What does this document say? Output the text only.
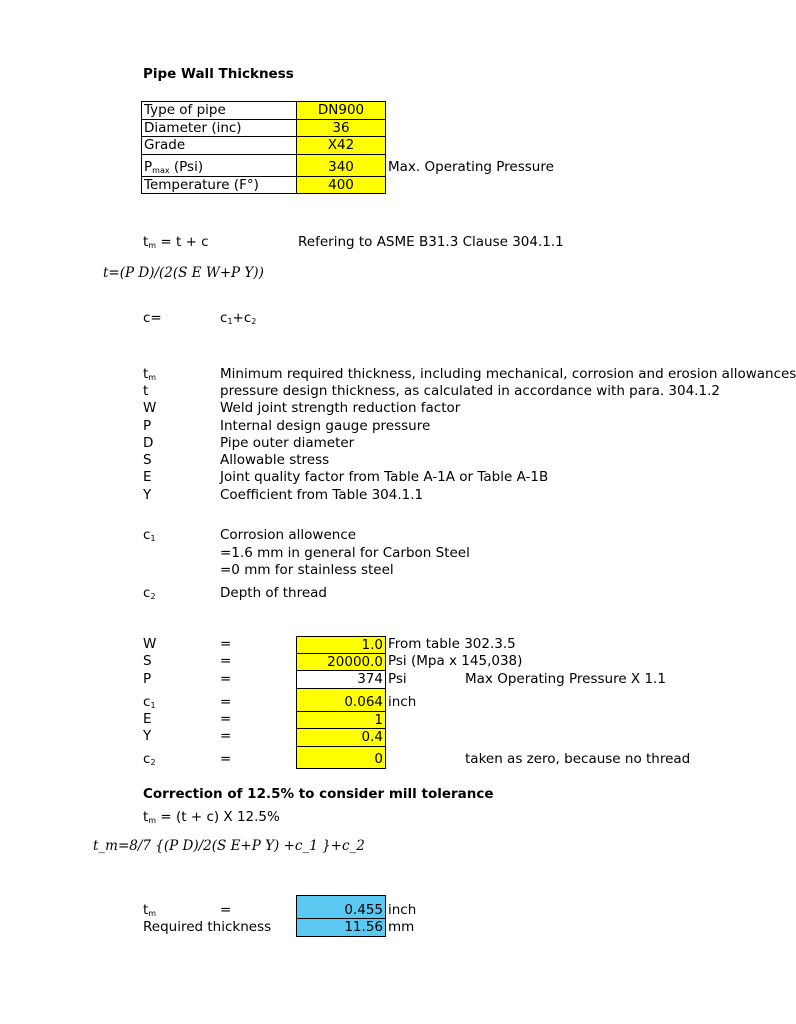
Pipe Wall Thickness
Type of pipe	DN900
Diameter (inc)	36
Grade	X42
$P_{max}$ (Psi)	340	Max. Operating Pressure
Temperature (F°)	400
$t_m = t + c$	Refering to ASME B31.3 Clause 304.1.1
t=(P D)/(2(S E W+P Y))
c=	$c_1+c_2$
$t_m$	Minimum required thickness, including mechanical, corrosion and erosion allowances
t	pressure design thickness, as calculated in accordance with para. 304.1.2
W	Weld joint strength reduction factor
P	Internal design gauge pressure
D	Pipe outer diameter
S	Allowable stress
E	Joint quality factor from Table A-1A or Table A-1B
Y	Coefficient from Table 304.1.1
$c_1$	Corrosion allowence
=1.6 mm in general for Carbon Steel
=0 mm for stainless steel
$c_2$	Depth of thread
W	=	1.0 From table 302.3.5
S	=	20000.0 Psi (Mpa x 145,038)
P	=	374 Psi	Max Operating Pressure X 1.1
$c_1$	=	0.064 inch
E	=	1
Y	=	0.4
$c_2$	=	0	taken as zero, because no thread
Correction of 12.5% to consider mill tolerance
$t_m = (t + c)$ X 12.5%
t_m=8/7 {(P D)/2(S E+P Y) +c_1 }+c_2
$t_m$	=	0.455 inch
Required thickness	11.56 mm
